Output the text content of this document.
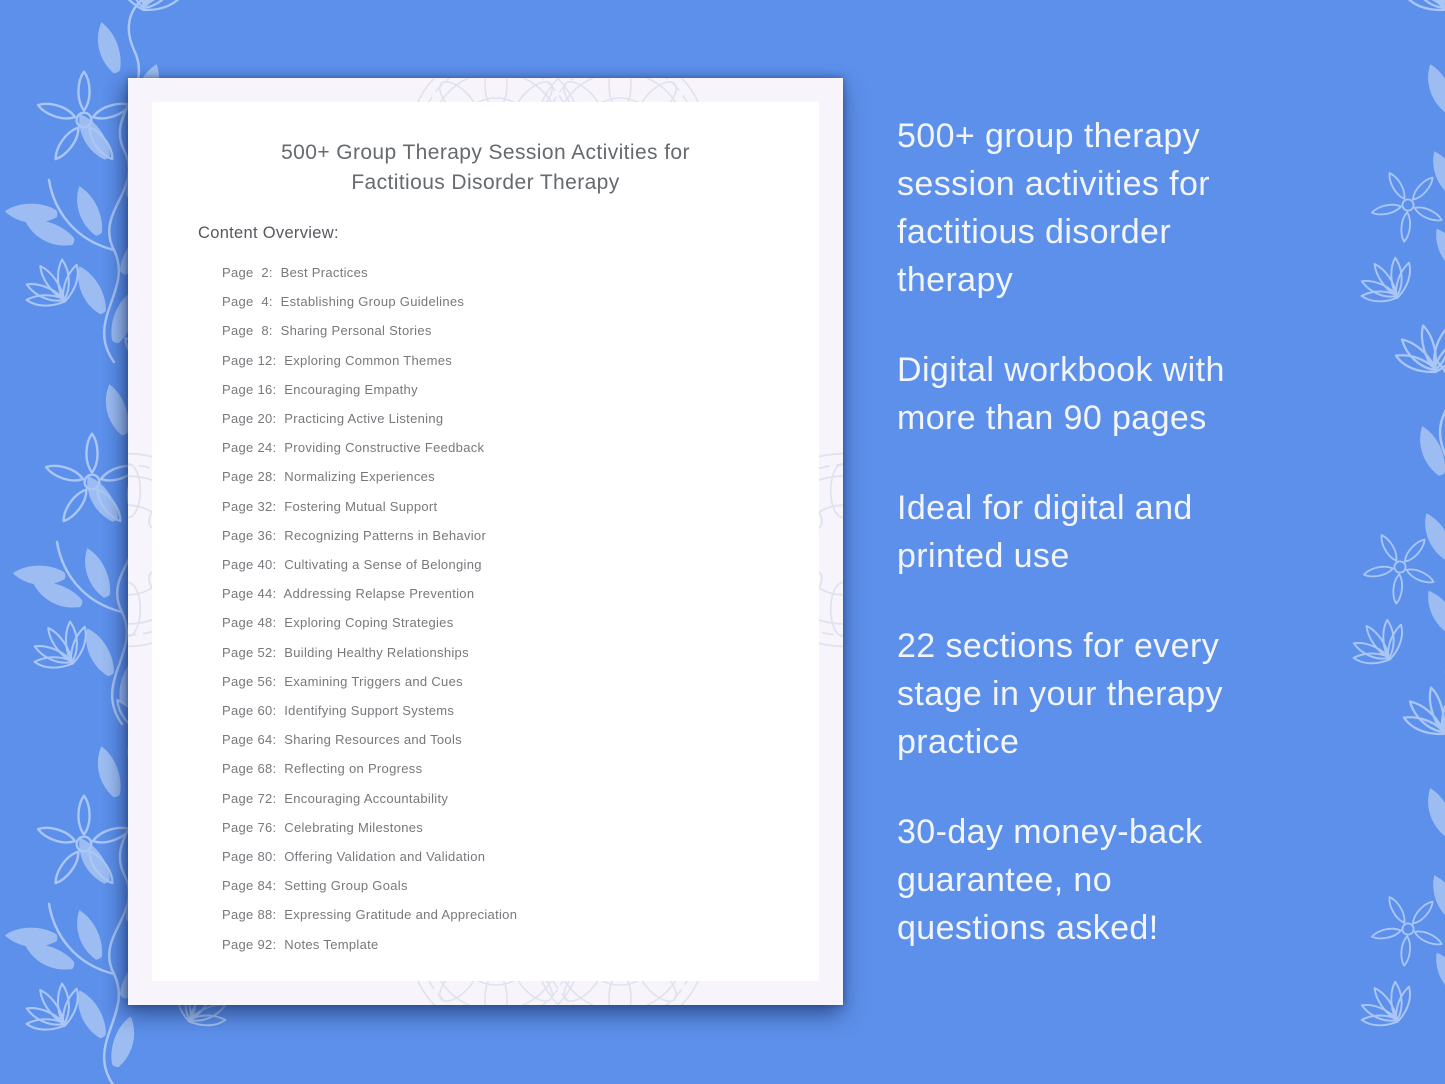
500+ Group Therapy Session Activities for
Factitious Disorder Therapy
Content Overview:
Page  2:  Best Practices
Page  4:  Establishing Group Guidelines
Page  8:  Sharing Personal Stories
Page 12:  Exploring Common Themes
Page 16:  Encouraging Empathy
Page 20:  Practicing Active Listening
Page 24:  Providing Constructive Feedback
Page 28:  Normalizing Experiences
Page 32:  Fostering Mutual Support
Page 36:  Recognizing Patterns in Behavior
Page 40:  Cultivating a Sense of Belonging
Page 44:  Addressing Relapse Prevention
Page 48:  Exploring Coping Strategies
Page 52:  Building Healthy Relationships
Page 56:  Examining Triggers and Cues
Page 60:  Identifying Support Systems
Page 64:  Sharing Resources and Tools
Page 68:  Reflecting on Progress
Page 72:  Encouraging Accountability
Page 76:  Celebrating Milestones
Page 80:  Offering Validation and Validation
Page 84:  Setting Group Goals
Page 88:  Expressing Gratitude and Appreciation
Page 92:  Notes Template
500+ group therapy
session activities for
factitious disorder
therapy
Digital workbook with
more than 90 pages
Ideal for digital and
printed use
22 sections for every
stage in your therapy
practice
30-day money-back
guarantee, no
questions asked!
